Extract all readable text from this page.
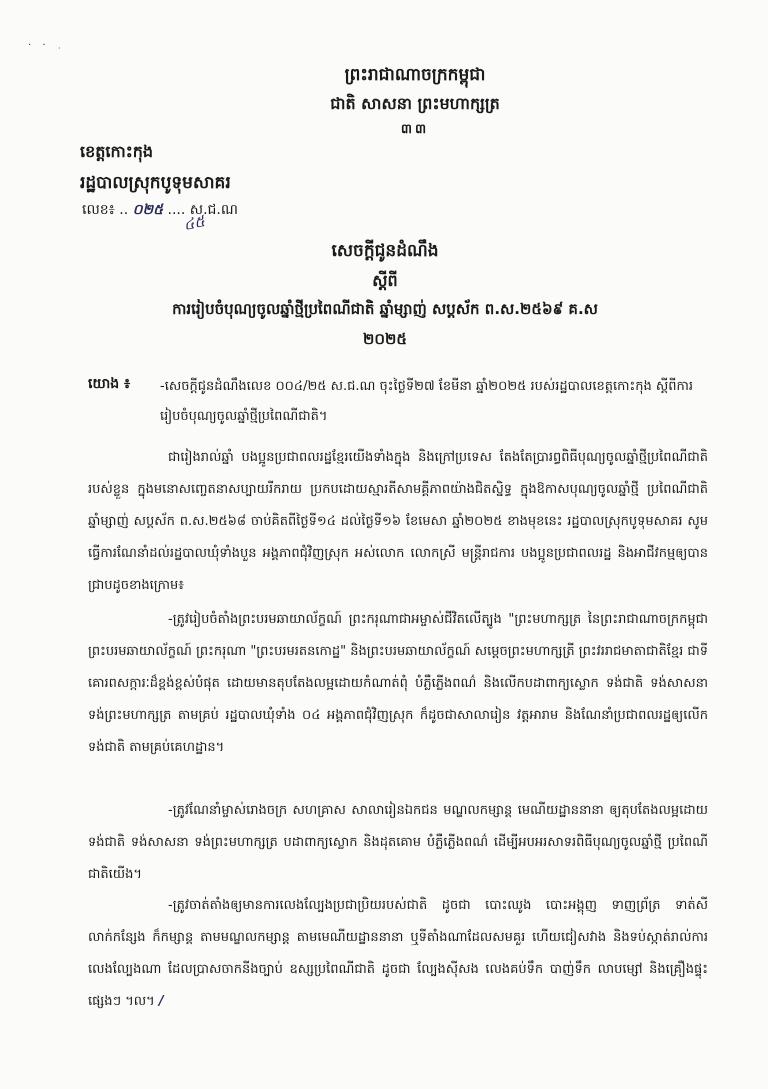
· · ·
ព្រះរាជាណាចក្រកម្ពុជា
ជាតិ សាសនា ព្រះមហាក្សត្រ
៣៣
ខេត្តកោះកុង
រដ្ឋបាលស្រុកបូទុមសាគរ
លេខ៖ .. ០២៥ .... ស.ជ.ណ
៤៥
សេចក្ដីជូនដំណឹង
ស្ដីពី
ការរៀបចំបុណ្យចូលឆ្នាំថ្មីប្រពៃណីជាតិ ឆ្នាំម្សាញ់ សប្ដស័ក ព.ស.២៥៦៩ គ.ស
២០២៥
យោង ៖ -សេចក្ដីជូនដំណឹងលេខ ០០៤/២៥ ស.ជ.ណ ចុះថ្ងៃទី២៧ ខែមីនា ឆ្នាំ២០២៥ របស់រដ្ឋបាលខេត្តកោះកុង ស្ដីពីការរៀបចំបុណ្យចូលឆ្នាំថ្មីប្រពៃណីជាតិ។
ជារៀងរាល់ឆ្នាំ បងប្អូនប្រជាពលរដ្ឋខ្មែរយើងទាំងក្នុង និងក្រៅប្រទេស តែងតែប្រារព្ធពិធីបុណ្យចូលឆ្នាំថ្មីប្រពៃណីជាតិរបស់ខ្លួន ក្នុងមនោសញ្ចេតនាសប្បាយរីករាយ ប្រកបដោយស្មារតីសាមគ្គីភាពយ៉ាងជិតស្និទ្ធ ក្នុងឱកាសបុណ្យចូលឆ្នាំថ្មី ប្រពៃណីជាតិ ឆ្នាំម្សាញ់ សប្ដស័ក ព.ស.២៥៦៨ ចាប់គិតពីថ្ងៃទី១៤ ដល់ថ្ងៃទី១៦ ខែមេសា ឆ្នាំ២០២៥ ខាងមុខនេះ រដ្ឋបាលស្រុកបូទុមសាគរ សូមធ្វើការណែនាំដល់រដ្ឋបាលឃុំទាំងបួន អង្គភាពជុំវិញស្រុក អស់លោក លោកស្រី មន្ត្រីរាជការ បងប្អូនប្រជាពលរដ្ឋ និងអាជីវកម្មឲ្យបានជ្រាបដូចខាងក្រោម៖
-ត្រូវរៀបចំតាំងព្រះបរមឆាយាល័ក្ខណ៍ ព្រះករុណាជាអម្ចាស់ជីវិតលើត្បូង "ព្រះមហាក្សត្រ នៃព្រះរាជាណាចក្រកម្ពុជា ព្រះបរមឆាយាល័ក្ខណ៍ ព្រះករុណា "ព្រះបរមរតនកោដ្ឋ" និងព្រះបរមឆាយាល័ក្ខណ៍ សម្ដេចព្រះមហាក្សត្រី ព្រះវររាជមាតាជាតិខ្មែរ ជាទីគោរពសក្ការៈដ៏ខ្ពង់ខ្ពស់បំផុត ដោយមានតុបតែងលម្អដោយកំណាត់ពុំ បំភ្លឺភ្លើងពណ៌ និងលើកបដាពាក្យស្លោក ទង់ជាតិ ទង់សាសនា ទង់ព្រះមហាក្សត្រ តាមគ្រប់ រដ្ឋបាលឃុំទាំង ០៤ អង្គភាពជុំវិញស្រុក ក៏ដូចជាសាលារៀន វត្តអារាម និងណែនាំប្រជាពលរដ្ឋឲ្យលើកទង់ជាតិ តាមគ្រប់គេហដ្ឋាន។
-ត្រូវណែនាំម្ចាស់រោងចក្រ សហគ្រាស សាលារៀនឯកជន មណ្ឌលកម្សាន្ត មេណីយដ្ឋាននានា ឲ្យតុបតែងលម្អដោយទង់ជាតិ ទង់សាសនា ទង់ព្រះមហាក្សត្រ បដាពាក្យស្លោក និងដុតគោម បំភ្លឺភ្លើងពណ៌ ដើម្បីអបអរសាទរពិធីបុណ្យចូលឆ្នាំថ្មី ប្រពៃណីជាតិយើង។
-ត្រូវចាត់តាំងឲ្យមានការលេងល្បែងប្រជាប្រិយរបស់ជាតិ ដូចជា បោះឈូង បោះអង្គុញ ទាញព្រ័ត្រ ទាត់សី លាក់កន្សែង ក៏កម្សាន្ត តាមមណ្ឌលកម្សាន្ត តាមមេណីយដ្ឋាននានា ឬទីតាំងណាដែលសមគួរ ហើយជៀសវាង និងទប់ស្កាត់រាល់ការលេងល្បែងណា ដែលប្រាសចាកនីងច្បាប់ ឧស្សប្រពៃណីជាតិ ដូចជា ល្បែងស៊ីសង លេងគប់ទឹក បាញ់ទឹក លាបម្សៅ និងគ្រឿងផ្ទុះផ្សេងៗ ។ល។ /
